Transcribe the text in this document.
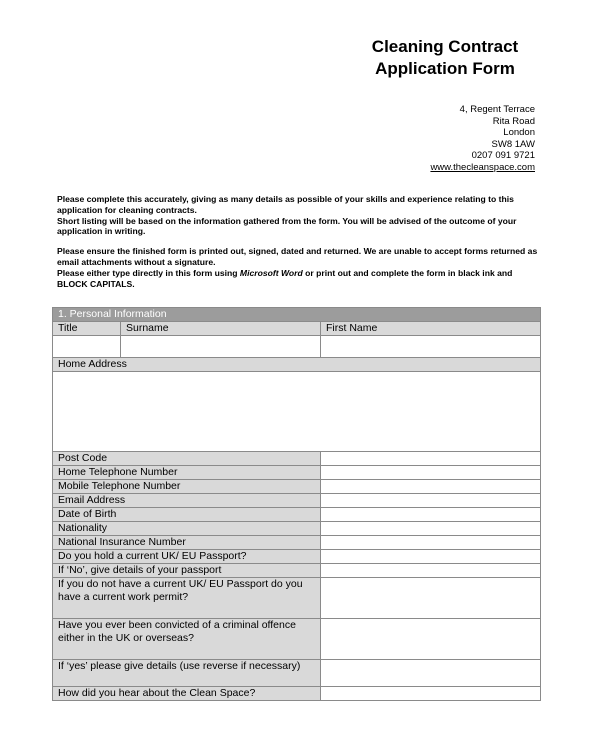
Cleaning Contract
Application Form
4, Regent Terrace
Rita Road
London
SW8 1AW
0207 091 9721
www.thecleanspace.com

Please complete this accurately, giving as many details as possible of your skills and experience relating to this application for cleaning contracts.
Short listing will be based on the information gathered from the form. You will be advised of the outcome of your application in writing.

Please ensure the finished form is printed out, signed, dated and returned. We are unable to accept forms returned as email attachments without a signature.
Please either type directly in this form using Microsoft Word or print out and complete the form in black ink and BLOCK CAPITALS.

1. Personal Information		
Title	Surname	First Name

Home Address		

Post Code		
Home Telephone Number		
Mobile Telephone Number		
Email Address		
Date of Birth		
Nationality		
National Insurance Number		
Do you hold a current UK/ EU Passport?		
If ‘No’, give details of your passport		
If you do not have a current UK/ EU Passport do you have a current work permit?		
Have you ever been convicted of a criminal offence either in the UK or overseas?		
If ‘yes’ please give details (use reverse if necessary)		
How did you hear about the Clean Space?		
